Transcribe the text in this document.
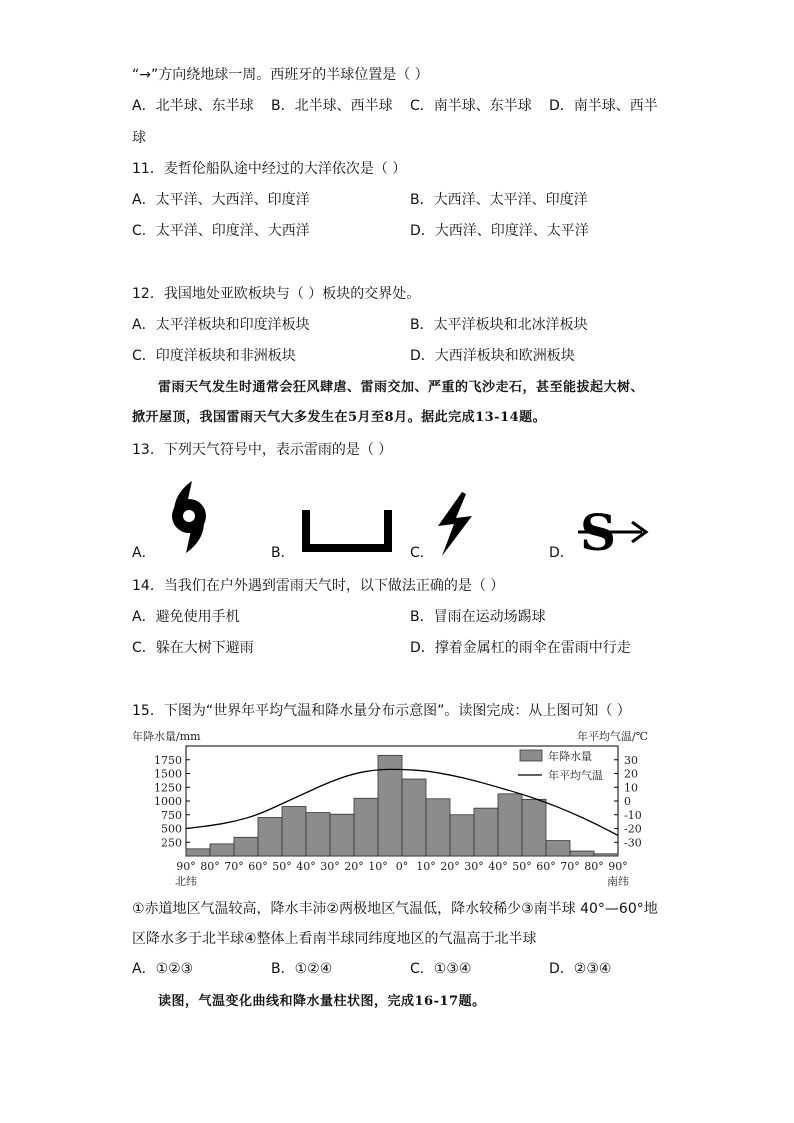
“→”方向绕地球一周。西班牙的半球位置是（ ）
A．北半球、东半球 B．北半球、西半球 C．南半球、东半球 D．南半球、西半
球
11．麦哲伦船队途中经过的大洋依次是（ ）
A．太平洋、大西洋、印度洋	B．大西洋、太平洋、印度洋
C．太平洋、印度洋、大西洋	D．大西洋、印度洋、太平洋
12．我国地处亚欧板块与（ ）板块的交界处。
A．太平洋板块和印度洋板块	B．太平洋板块和北冰洋板块
C．印度洋板块和非洲板块	D．大西洋板块和欧洲板块
雷雨天气发生时通常会狂风肆虐、雷雨交加、严重的飞沙走石，甚至能拔起大树、
掀开屋顶，我国雷雨天气大多发生在5月至8月。据此完成13-14题。
13．下列天气符号中，表示雷雨的是（ ）
A．	B．	C．	D． S
14．当我们在户外遇到雷雨天气时，以下做法正确的是（ ）
A．避免使用手机	B．冒雨在运动场踢球
C．躲在大树下避雨	D．撑着金属杠的雨伞在雷雨中行走
15．下图为“世界年平均气温和降水量分布示意图”。读图完成：从上图可知（ ）
年降水量/mm	年平均气温/℃
250
500
750
1000
1250
1500
1750	30
20
10
0
-10
-20
-30
90° 80° 70° 60° 50° 40° 30° 20° 10° 0° 10° 20° 30° 40° 50° 60° 70° 80° 90°
北纬	南纬
年降水量
年平均气温
①赤道地区气温较高，降水丰沛②两极地区气温低，降水较稀少③南半球 40°—60°地
区降水多于北半球④整体上看南半球同纬度地区的气温高于北半球
A．①②③	B．①②④	C．①③④	D．②③④
读图，气温变化曲线和降水量柱状图，完成16-17题。
